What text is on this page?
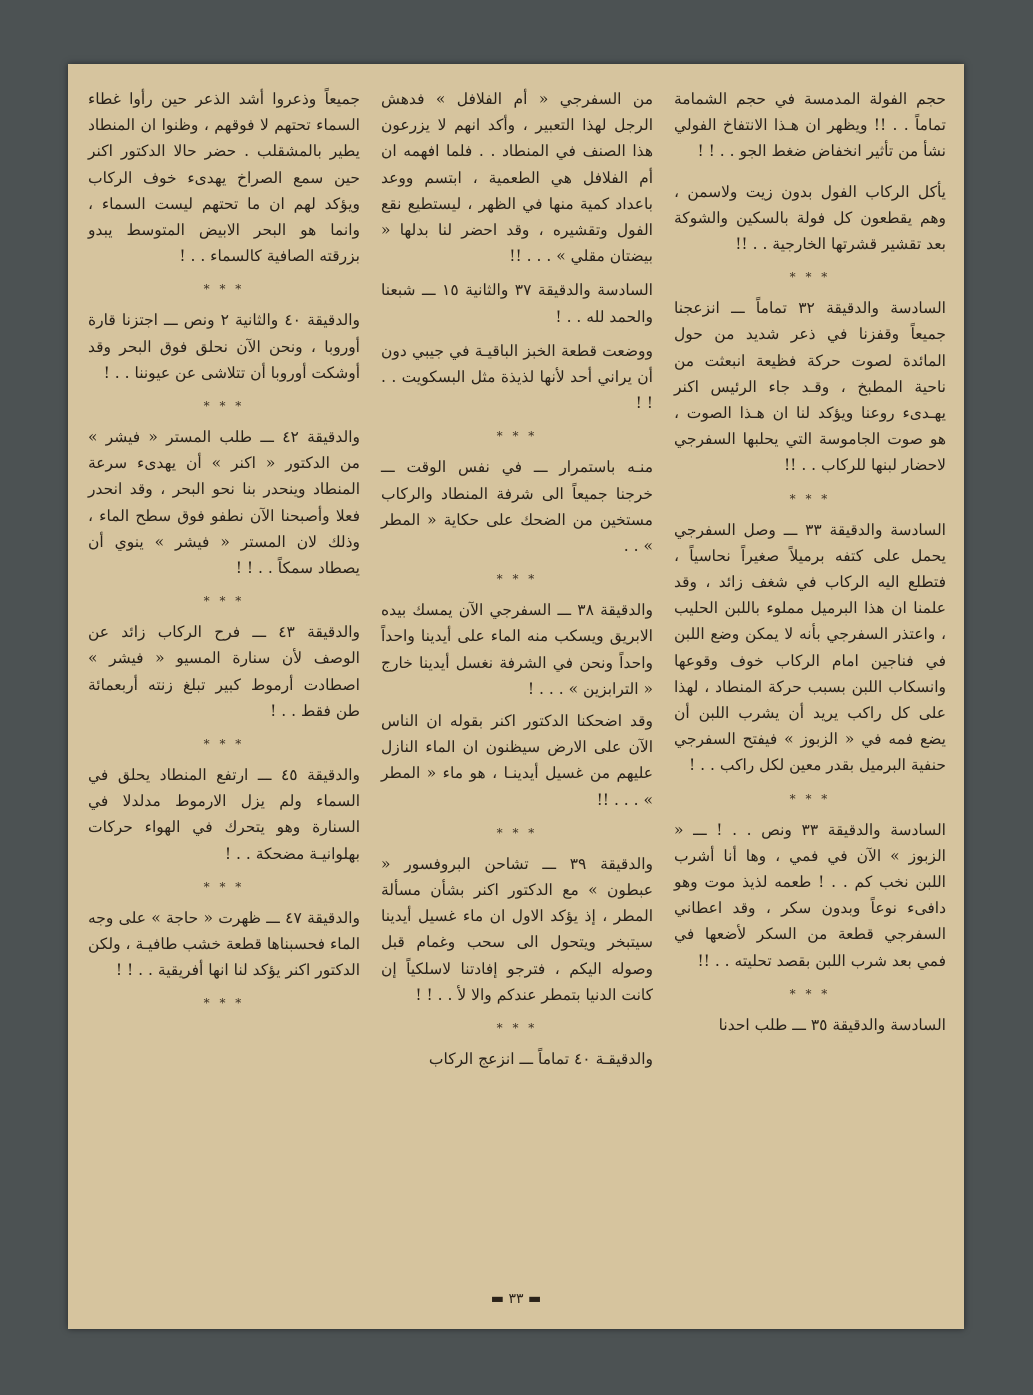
حجم الفولة المدمسة في حجم الشمامة تماماً . . !! ويظهر ان هـذا الانتفاخ الفولي نشأ من تأثير انخفاض ضغط الجو . . ! !

يأكل الركاب الفول بدون زيت ولاسمن ، وهم يقطعون كل فولة بالسكين والشوكة بعد تقشير قشرتها الخارجية . . !!

* * *

السادسة والدقيقة ٣٢ تماماً ـــ انزعجنا جميعاً وقفزنا في ذعر شديد من حول المائدة لصوت حركة فظيعة انبعثت من ناحية المطبخ ، وقـد جاء الرئيس اكنر يهـدىء روعنا ويؤكد لنا ان هـذا الصوت ، هو صوت الجاموسة التي يحلبها السفرجي لاحضار لبنها للركاب . . !!

* * *

السادسة والدقيقة ٣٣ ـــ وصل السفرجي يحمل على كتفه برميلاً صغيراً نحاسياً ، فتطلع اليه الركاب في شغف زائد ، وقد علمنا ان هذا البرميل مملوء باللبن الحليب ، واعتذر السفرجي بأنه لا يمكن وضع اللبن في فناجين امام الركاب خوف وقوعها وانسكاب اللبن بسبب حركة المنطاد ، لهذا على كل راكب يريد أن يشرب اللبن أن يضع فمه في « الزبوز » فيفتح السفرجي حنفية البرميل بقدر معين لكل راكب . . !

* * *

السادسة والدقيقة ٣٣ ونص . . ! ـــ « الزبوز » الآن في فمي ، وها أنا أشرب اللبن نخب كم . . ! طعمه لذيذ موت وهو دافىء نوعاً وبدون سكر ، وقد اعطاني السفرجي قطعة من السكر لأضعها في فمي بعد شرب اللبن بقصد تحليته . . !!

* * *

السادسة والدقيقة ٣٥ ـــ طلب احدنا

من السفرجي « أم الفلافل » فدهش الرجل لهذا التعبير ، وأكد انهم لا يزرعون هذا الصنف في المنطاد . . فلما افهمه ان أم الفلافل هي الطعمية ، ابتسم ووعد باعداد كمية منها في الظهر ، ليستطيع نقع الفول وتقشيره ، وقد احضر لنا بدلها « بيضتان مقلي » . . . !!

السادسة والدقيقة ٣٧ والثانية ١٥ ـــ شبعنا والحمد لله . . !

ووضعت قطعة الخبز الباقيـة في جيبي دون أن يراني أحد لأنها لذيذة مثل البسكويت . . ! !

* * *

منـه باستمرار ـــ في نفس الوقت ـــ خرجنا جميعاً الى شرفة المنطاد والركاب مستخين من الضحك على حكاية « المطر » . .

* * *

والدقيقة ٣٨ ـــ السفرجي الآن يمسك بيده الابريق ويسكب منه الماء على أيدينا واحداً واحداً ونحن في الشرفة نغسل أيدينا خارج « الترابزين » . . . !

وقد اضحكنا الدكتور اكنر بقوله ان الناس الآن على الارض سيظنون ان الماء النازل عليهم من غسيل أيدينـا ، هو ماء « المطر » . . . !!

* * *

والدقيقة ٣٩ ـــ تشاحن البروفسور « عبطون » مع الدكتور اكنر بشأن مسألة المطر ، إذ يؤكد الاول ان ماء غسيل أيدينا سيتبخر ويتحول الى سحب وغمام قبل وصوله اليكم ، فترجو إفادتنا لاسلكياً إن كانت الدنيا بتمطر عندكم والا لأ . . ! !

* * *

والدقيقـة ٤٠ تماماً ـــ انزعج الركاب

جميعاً وذعروا أشد الذعر حين رأوا غطاء السماء تحتهم لا فوقهم ، وظنوا ان المنطاد يطير بالمشقلب . حضر حالا الدكتور اكنر حين سمع الصراخ يهدىء خوف الركاب ويؤكد لهم ان ما تحتهم ليست السماء ، وانما هو البحر الابيض المتوسط يبدو بزرقته الصافية كالسماء . . !

* * *

والدقيقة ٤٠ والثانية ٢ ونص ـــ اجتزنا قارة أوروبا ، ونحن الآن نحلق فوق البحر وقد أوشكت أوروبا أن تتلاشى عن عيوننا . . !

* * *

والدقيقة ٤٢ ـــ طلب المستر « فيشر » من الدكتور « اكنر » أن يهدىء سرعة المنطاد وينحدر بنا نحو البحر ، وقد انحدر فعلا وأصبحنا الآن نطفو فوق سطح الماء ، وذلك لان المستر « فيشر » ينوي أن يصطاد سمكاً . . ! !

* * *

والدقيقة ٤٣ ـــ فرح الركاب زائد عن الوصف لأن سنارة المسيو « فيشر » اصطادت أرموط كبير تبلغ زنته أربعمائة طن فقط . . !

* * *

والدقيقة ٤٥ ـــ ارتفع المنطاد يحلق في السماء ولم يزل الارموط مدلدلا في السنارة وهو يتحرك في الهواء حركات بهلوانيـة مضحكة . . !

* * *

والدقيقة ٤٧ ـــ ظهرت « حاجة » على وجه الماء فحسبناها قطعة خشب طافيـة ، ولكن الدكتور اكنر يؤكد لنا انها أفريقية . . ! !

* * *
▬ ٣٣ ▬
